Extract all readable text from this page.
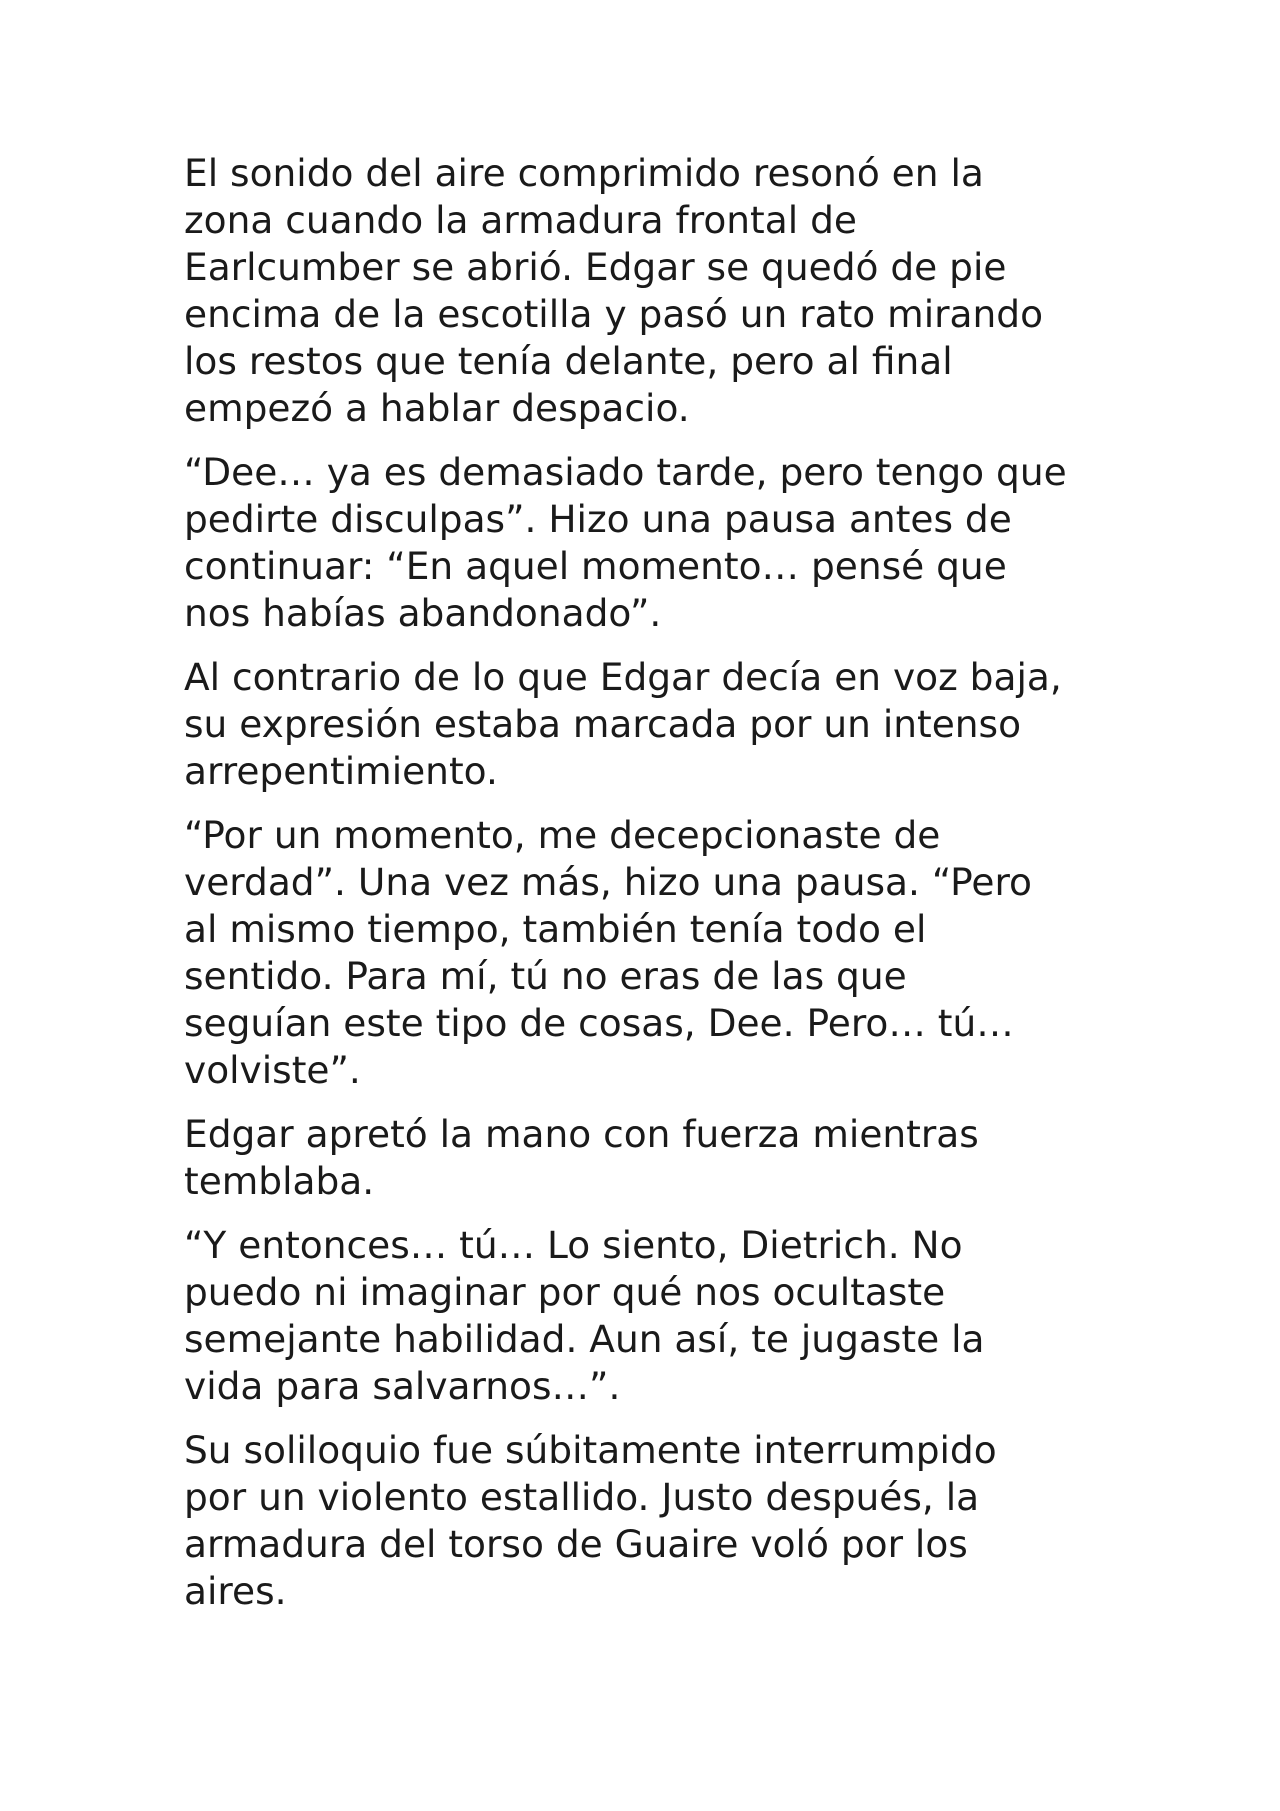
El sonido del aire comprimido resonó en la
zona cuando la armadura frontal de
Earlcumber se abrió. Edgar se quedó de pie
encima de la escotilla y pasó un rato mirando
los restos que tenía delante, pero al final
empezó a hablar despacio.

“Dee… ya es demasiado tarde, pero tengo que
pedirte disculpas”. Hizo una pausa antes de
continuar: “En aquel momento… pensé que
nos habías abandonado”.

Al contrario de lo que Edgar decía en voz baja,
su expresión estaba marcada por un intenso
arrepentimiento.

“Por un momento, me decepcionaste de
verdad”. Una vez más, hizo una pausa. “Pero
al mismo tiempo, también tenía todo el
sentido. Para mí, tú no eras de las que
seguían este tipo de cosas, Dee. Pero… tú…
volviste”.

Edgar apretó la mano con fuerza mientras
temblaba.

“Y entonces… tú… Lo siento, Dietrich. No
puedo ni imaginar por qué nos ocultaste
semejante habilidad. Aun así, te jugaste la
vida para salvarnos…”.

Su soliloquio fue súbitamente interrumpido
por un violento estallido. Justo después, la
armadura del torso de Guaire voló por los
aires.
